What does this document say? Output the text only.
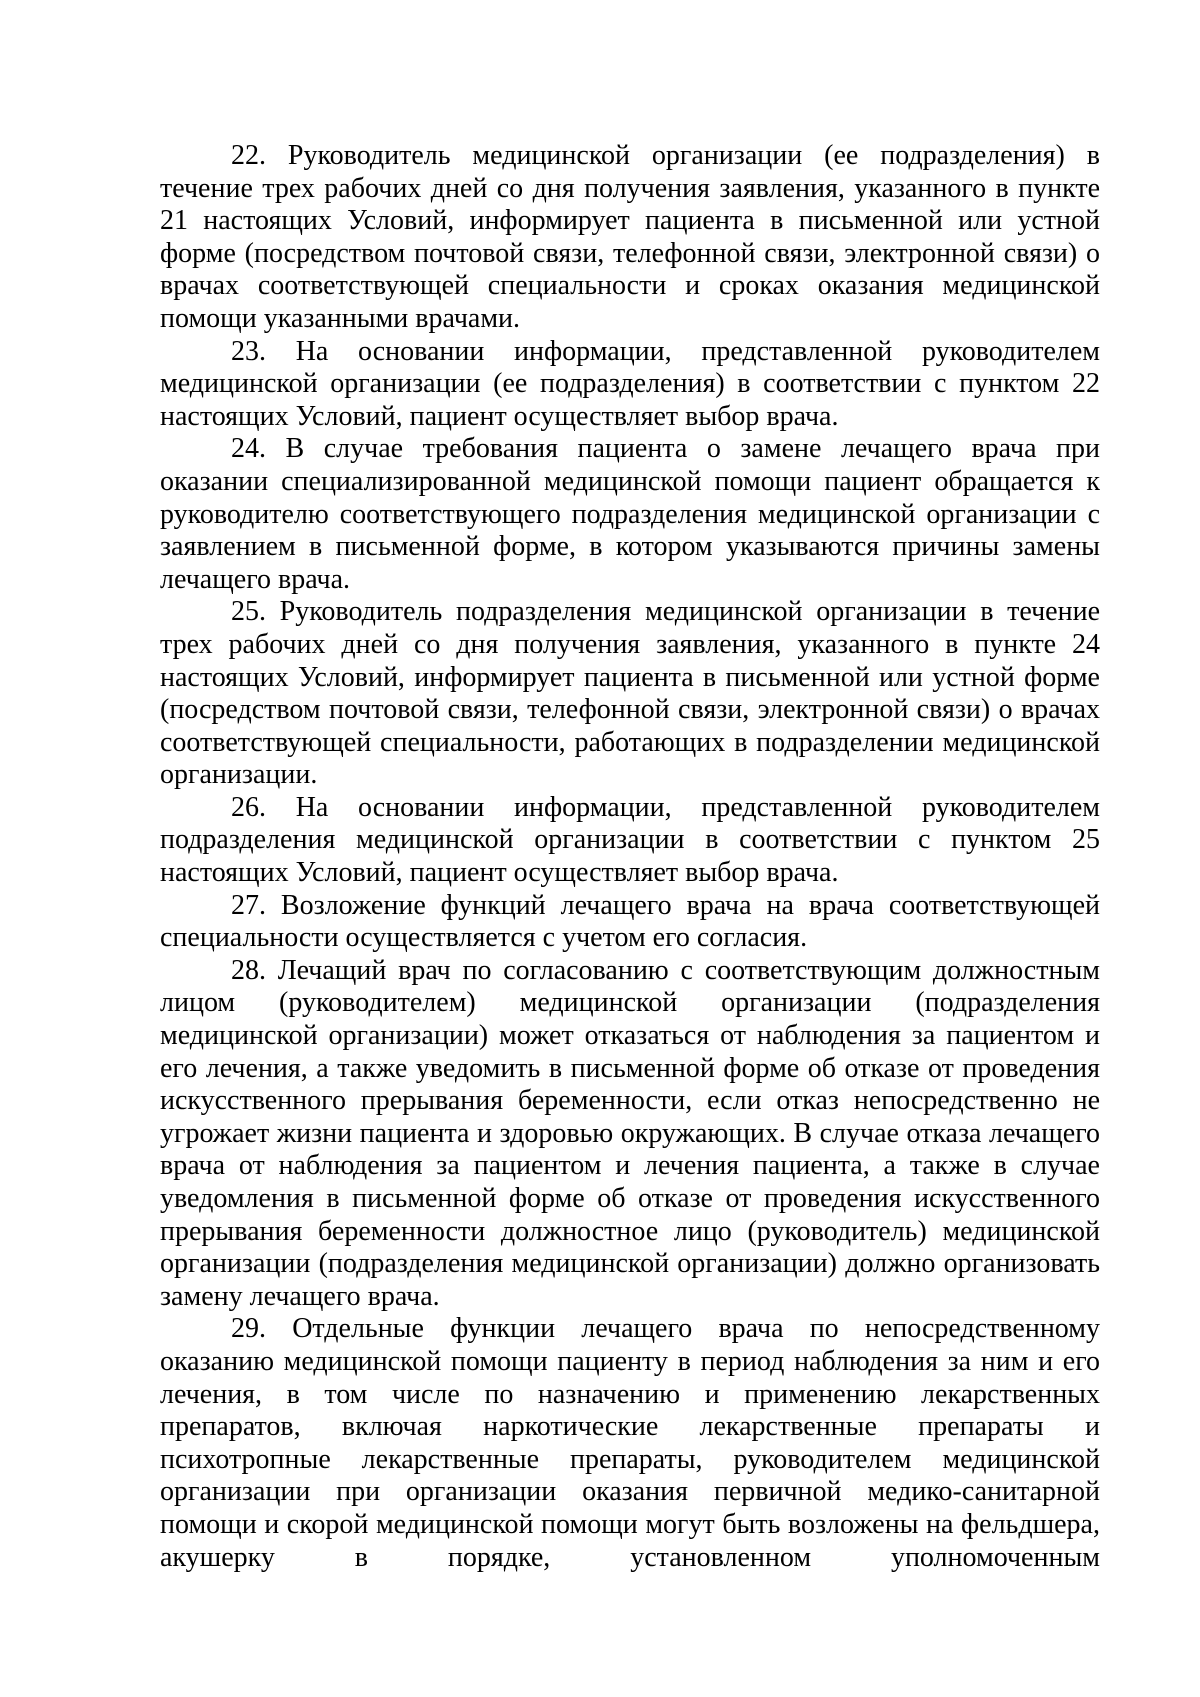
22. Руководитель медицинской организации (ее подразделения) в течение трех рабочих дней со дня получения заявления, указанного в пункте 21 настоящих Условий, информирует пациента в письменной или устной форме (посредством почтовой связи, телефонной связи, электронной связи) о врачах соответствующей специальности и сроках оказания медицинской помощи указанными врачами.

23. На основании информации, представленной руководителем медицинской организации (ее подразделения) в соответствии с пунктом 22 настоящих Условий, пациент осуществляет выбор врача.

24. В случае требования пациента о замене лечащего врача при оказании специализированной медицинской помощи пациент обращается к руководителю соответствующего подразделения медицинской организации с заявлением в письменной форме, в котором указываются причины замены лечащего врача.

25. Руководитель подразделения медицинской организации в течение трех рабочих дней со дня получения заявления, указанного в пункте 24 настоящих Условий, информирует пациента в письменной или устной форме (посредством почтовой связи, телефонной связи, электронной связи) о врачах соответствующей специальности, работающих в подразделении медицинской организации.

26. На основании информации, представленной руководителем подразделения медицинской организации в соответствии с пунктом 25 настоящих Условий, пациент осуществляет выбор врача.

27. Возложение функций лечащего врача на врача соответствующей специальности осуществляется с учетом его согласия.

28. Лечащий врач по согласованию с соответствующим должностным лицом (руководителем) медицинской организации (подразделения медицинской организации) может отказаться от наблюдения за пациентом и его лечения, а также уведомить в письменной форме об отказе от проведения искусственного прерывания беременности, если отказ непосредственно не угрожает жизни пациента и здоровью окружающих. В случае отказа лечащего врача от наблюдения за пациентом и лечения пациента, а также в случае уведомления в письменной форме об отказе от проведения искусственного прерывания беременности должностное лицо (руководитель) медицинской организации (подразделения медицинской организации) должно организовать замену лечащего врача.

29. Отдельные функции лечащего врача по непосредственному оказанию медицинской помощи пациенту в период наблюдения за ним и его лечения, в том числе по назначению и применению лекарственных препаратов, включая наркотические лекарственные препараты и психотропные лекарственные препараты, руководителем медицинской организации при организации оказания первичной медико-санитарной помощи и скорой медицинской помощи могут быть возложены на фельдшера, акушерку в порядке, установленном уполномоченным
